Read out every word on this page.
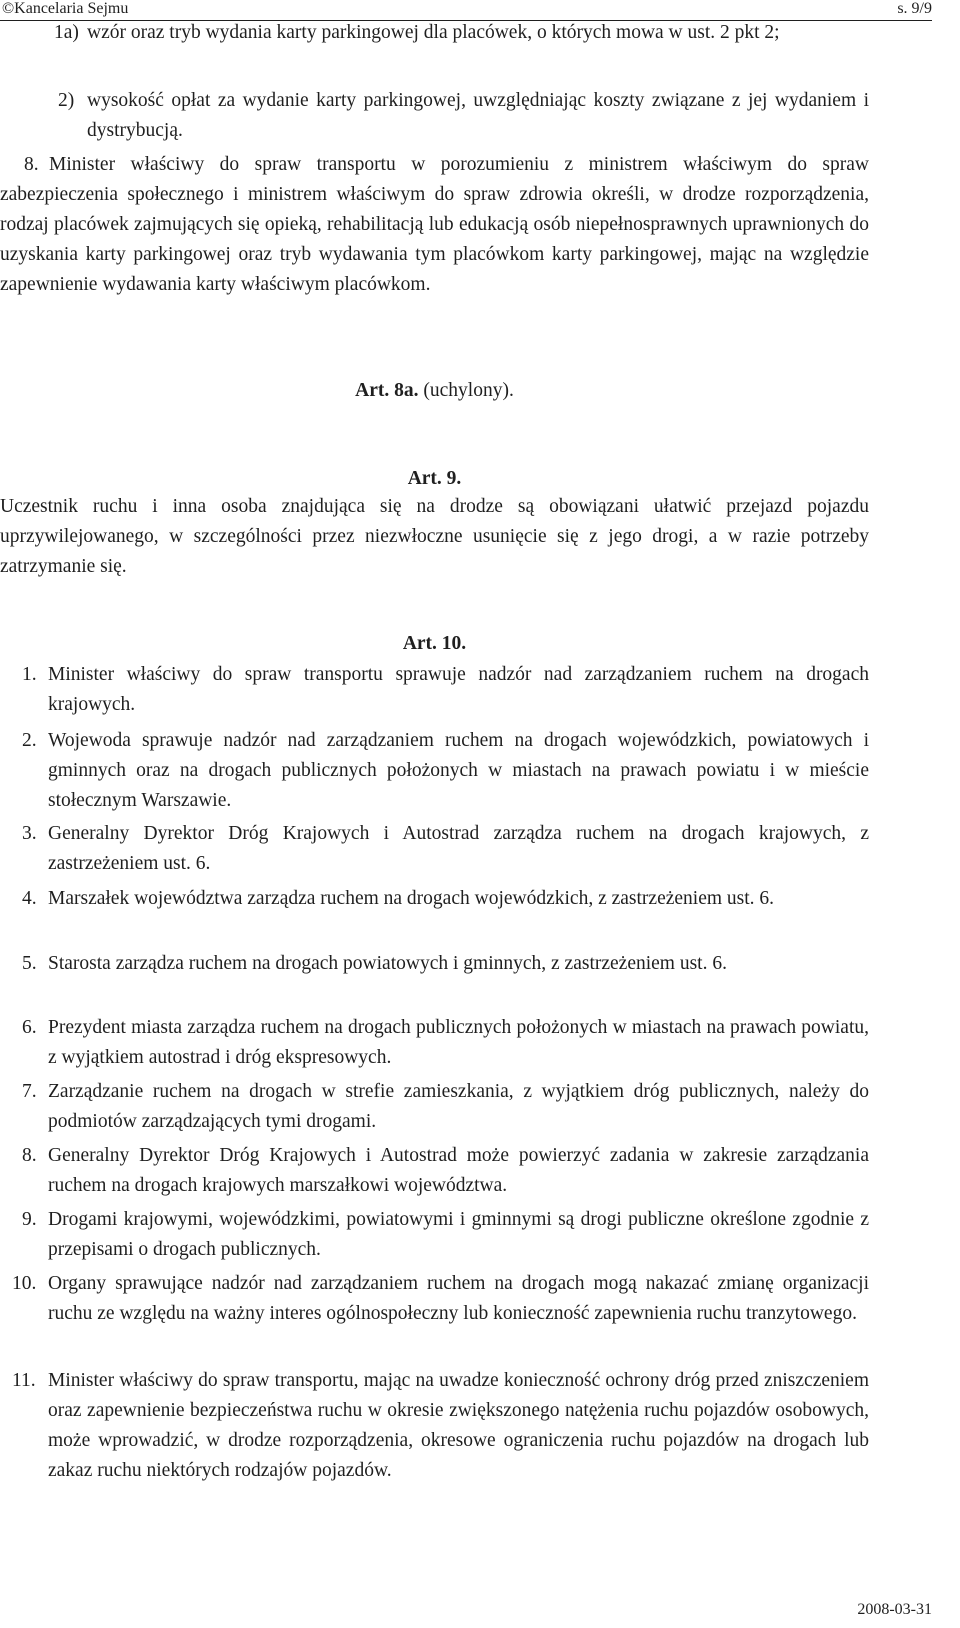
©Kancelaria Sejmu	s. 9/9
1a) wzór oraz tryb wydania karty parkingowej dla placówek, o których mowa w ust. 2 pkt 2;
2) wysokość opłat za wydanie karty parkingowej, uwzględniając koszty związane z jej wydaniem i dystrybucją.
8. Minister właściwy do spraw transportu w porozumieniu z ministrem właściwym do spraw zabezpieczenia społecznego i ministrem właściwym do spraw zdrowia określi, w drodze rozporządzenia, rodzaj placówek zajmujących się opieką, rehabilitacją lub edukacją osób niepełnosprawnych uprawnionych do uzyskania karty parkingowej oraz tryb wydawania tym placówkom karty parkingowej, mając na względzie zapewnienie wydawania karty właściwym placówkom.
Art. 8a. (uchylony).
Art. 9.
Uczestnik ruchu i inna osoba znajdująca się na drodze są obowiązani ułatwić przejazd pojazdu uprzywilejowanego, w szczególności przez niezwłoczne usunięcie się z jego drogi, a w razie potrzeby zatrzymanie się.
Art. 10.
1. Minister właściwy do spraw transportu sprawuje nadzór nad zarządzaniem ruchem na drogach krajowych.
2. Wojewoda sprawuje nadzór nad zarządzaniem ruchem na drogach wojewódzkich, powiatowych i gminnych oraz na drogach publicznych położonych w miastach na prawach powiatu i w mieście stołecznym Warszawie.
3. Generalny Dyrektor Dróg Krajowych i Autostrad zarządza ruchem na drogach krajowych, z zastrzeżeniem ust. 6.
4. Marszałek województwa zarządza ruchem na drogach wojewódzkich, z zastrzeżeniem ust. 6.
5. Starosta zarządza ruchem na drogach powiatowych i gminnych, z zastrzeżeniem ust. 6.
6. Prezydent miasta zarządza ruchem na drogach publicznych położonych w miastach na prawach powiatu, z wyjątkiem autostrad i dróg ekspresowych.
7. Zarządzanie ruchem na drogach w strefie zamieszkania, z wyjątkiem dróg publicznych, należy do podmiotów zarządzających tymi drogami.
8. Generalny Dyrektor Dróg Krajowych i Autostrad może powierzyć zadania w zakresie zarządzania ruchem na drogach krajowych marszałkowi województwa.
9. Drogami krajowymi, wojewódzkimi, powiatowymi i gminnymi są drogi publiczne określone zgodnie z przepisami o drogach publicznych.
10. Organy sprawujące nadzór nad zarządzaniem ruchem na drogach mogą nakazać zmianę organizacji ruchu ze względu na ważny interes ogólnospołeczny lub konieczność zapewnienia ruchu tranzytowego.
11. Minister właściwy do spraw transportu, mając na uwadze konieczność ochrony dróg przed zniszczeniem oraz zapewnienie bezpieczeństwa ruchu w okresie zwiększonego natężenia ruchu pojazdów osobowych, może wprowadzić, w drodze rozporządzenia, okresowe ograniczenia ruchu pojazdów na drogach lub zakaz ruchu niektórych rodzajów pojazdów.
2008-03-31
